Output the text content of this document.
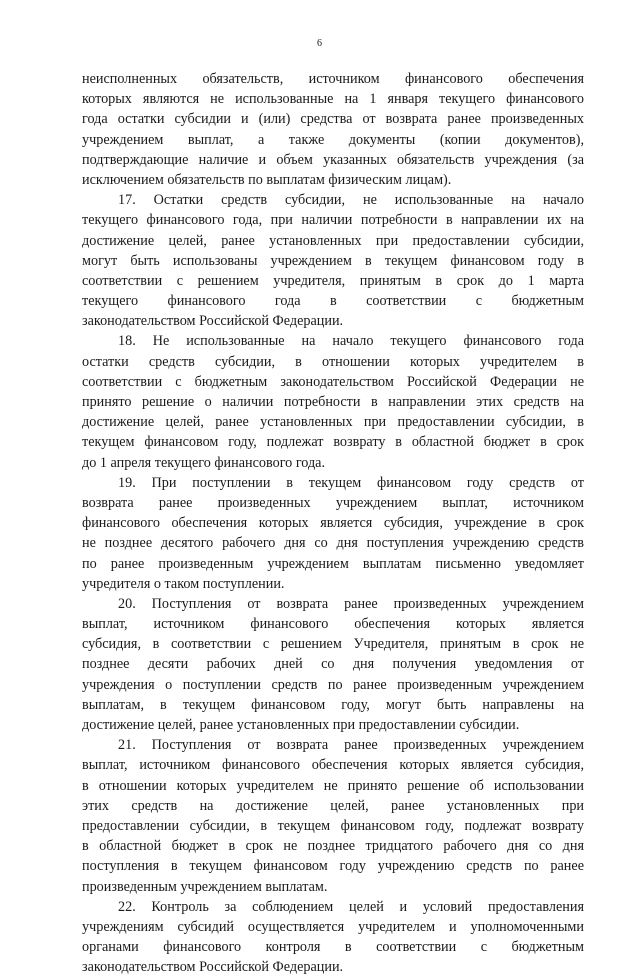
6
неисполненных обязательств, источником финансового обеспечения
которых являются не использованные на 1 января текущего финансового
года остатки субсидии и (или) средства от возврата ранее произведенных
учреждением выплат, а также документы (копии документов),
подтверждающие наличие и объем указанных обязательств учреждения (за
исключением обязательств по выплатам физическим лицам).
17. Остатки средств субсидии, не использованные на начало
текущего финансового года, при наличии потребности в направлении их на
достижение целей, ранее установленных при предоставлении субсидии,
могут быть использованы учреждением в текущем финансовом году в
соответствии с решением учредителя, принятым в срок до 1 марта
текущего финансового года в соответствии с бюджетным
законодательством Российской Федерации.
18. Не использованные на начало текущего финансового года
остатки средств субсидии, в отношении которых учредителем в
соответствии с бюджетным законодательством Российской Федерации не
принято решение о наличии потребности в направлении этих средств на
достижение целей, ранее установленных при предоставлении субсидии, в
текущем финансовом году, подлежат возврату в областной бюджет в срок
до 1 апреля текущего финансового года.
19. При поступлении в текущем финансовом году средств от
возврата ранее произведенных учреждением выплат, источником
финансового обеспечения которых является субсидия, учреждение в срок
не позднее десятого рабочего дня со дня поступления учреждению средств
по ранее произведенным учреждением выплатам письменно уведомляет
учредителя о таком поступлении.
20. Поступления от возврата ранее произведенных учреждением
выплат, источником финансового обеспечения которых является
субсидия, в соответствии с решением Учредителя, принятым в срок не
позднее десяти рабочих дней со дня получения уведомления от
учреждения о поступлении средств по ранее произведенным учреждением
выплатам, в текущем финансовом году, могут быть направлены на
достижение целей, ранее установленных при предоставлении субсидии.
21. Поступления от возврата ранее произведенных учреждением
выплат, источником финансового обеспечения которых является субсидия,
в отношении которых учредителем не принято решение об использовании
этих средств на достижение целей, ранее установленных при
предоставлении субсидии, в текущем финансовом году, подлежат возврату
в областной бюджет в срок не позднее тридцатого рабочего дня со дня
поступления в текущем финансовом году учреждению средств по ранее
произведенным учреждением выплатам.
22. Контроль за соблюдением целей и условий предоставления
учреждениям субсидий осуществляется учредителем и уполномоченными
органами финансового контроля в соответствии с бюджетным
законодательством Российской Федерации.
